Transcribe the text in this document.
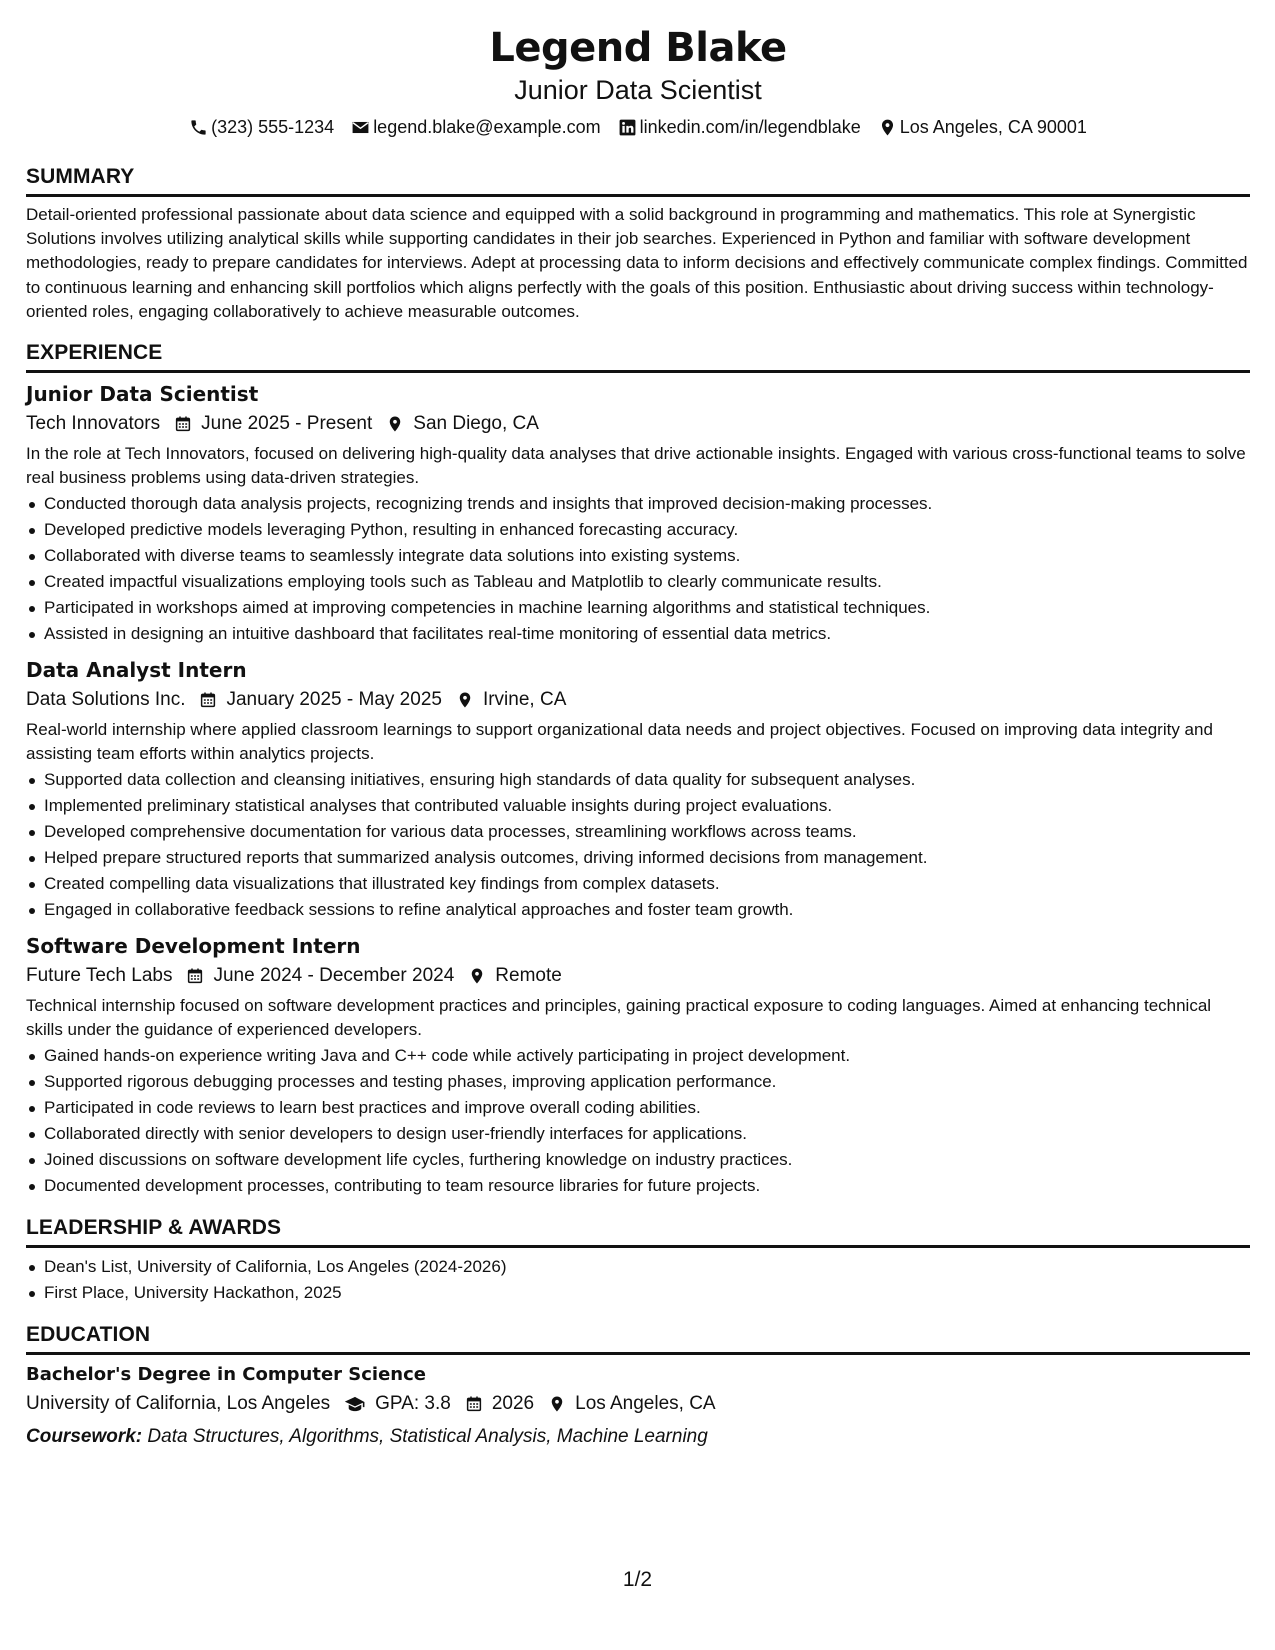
Legend Blake
Junior Data Scientist
(323) 555-1234 legend.blake@example.com linkedin.com/in/legendblake Los Angeles, CA 90001
SUMMARY
Detail-oriented professional passionate about data science and equipped with a solid background in programming and mathematics. This role at Synergistic Solutions involves utilizing analytical skills while supporting candidates in their job searches. Experienced in Python and familiar with software development methodologies, ready to prepare candidates for interviews. Adept at processing data to inform decisions and effectively communicate complex findings. Committed to continuous learning and enhancing skill portfolios which aligns perfectly with the goals of this position. Enthusiastic about driving success within technology-oriented roles, engaging collaboratively to achieve measurable outcomes.
EXPERIENCE
Junior Data Scientist
Tech Innovators June 2025 - Present San Diego, CA
In the role at Tech Innovators, focused on delivering high-quality data analyses that drive actionable insights. Engaged with various cross-functional teams to solve real business problems using data-driven strategies.
Conducted thorough data analysis projects, recognizing trends and insights that improved decision-making processes.
Developed predictive models leveraging Python, resulting in enhanced forecasting accuracy.
Collaborated with diverse teams to seamlessly integrate data solutions into existing systems.
Created impactful visualizations employing tools such as Tableau and Matplotlib to clearly communicate results.
Participated in workshops aimed at improving competencies in machine learning algorithms and statistical techniques.
Assisted in designing an intuitive dashboard that facilitates real-time monitoring of essential data metrics.
Data Analyst Intern
Data Solutions Inc. January 2025 - May 2025 Irvine, CA
Real-world internship where applied classroom learnings to support organizational data needs and project objectives. Focused on improving data integrity and assisting team efforts within analytics projects.
Supported data collection and cleansing initiatives, ensuring high standards of data quality for subsequent analyses.
Implemented preliminary statistical analyses that contributed valuable insights during project evaluations.
Developed comprehensive documentation for various data processes, streamlining workflows across teams.
Helped prepare structured reports that summarized analysis outcomes, driving informed decisions from management.
Created compelling data visualizations that illustrated key findings from complex datasets.
Engaged in collaborative feedback sessions to refine analytical approaches and foster team growth.
Software Development Intern
Future Tech Labs June 2024 - December 2024 Remote
Technical internship focused on software development practices and principles, gaining practical exposure to coding languages. Aimed at enhancing technical skills under the guidance of experienced developers.
Gained hands-on experience writing Java and C++ code while actively participating in project development.
Supported rigorous debugging processes and testing phases, improving application performance.
Participated in code reviews to learn best practices and improve overall coding abilities.
Collaborated directly with senior developers to design user-friendly interfaces for applications.
Joined discussions on software development life cycles, furthering knowledge on industry practices.
Documented development processes, contributing to team resource libraries for future projects.
LEADERSHIP & AWARDS
Dean's List, University of California, Los Angeles (2024-2026)
First Place, University Hackathon, 2025
EDUCATION
Bachelor's Degree in Computer Science
University of California, Los Angeles GPA: 3.8 2026 Los Angeles, CA
Coursework: Data Structures, Algorithms, Statistical Analysis, Machine Learning
1/2
